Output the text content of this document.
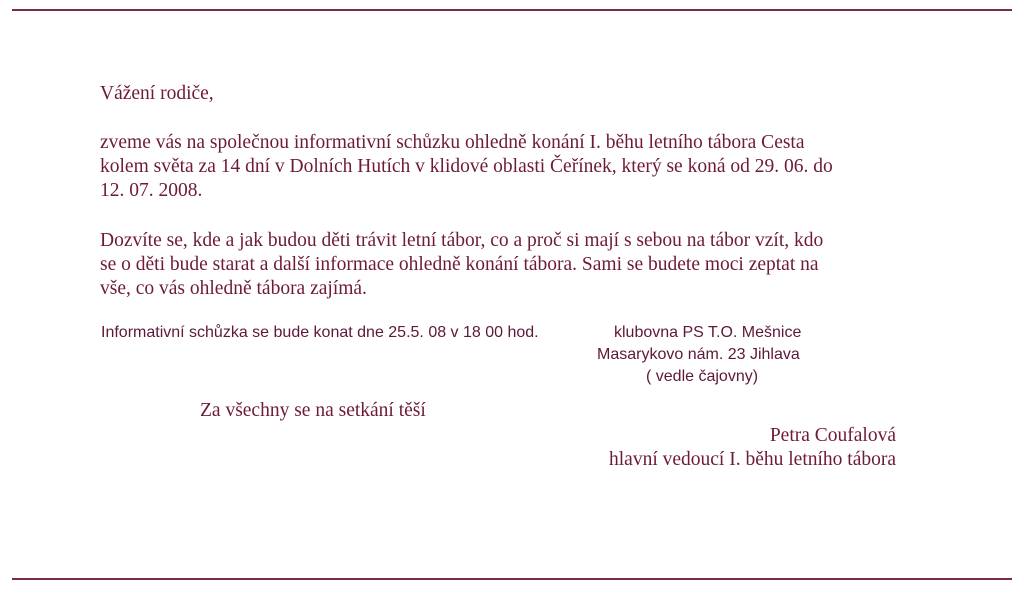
Vážení rodiče,

zveme vás na společnou informativní schůzku ohledně konání I. běhu letního tábora Cesta
kolem světa za 14 dní v Dolních Hutích v klidové oblasti Čeřínek, který se koná od 29. 06. do
12. 07. 2008.
Dozvíte se, kde a jak budou děti trávit letní tábor, co a proč si mají s sebou na tábor vzít, kdo
se o děti bude starat a další informace ohledně konání tábora. Sami se budete moci zeptat na
vše, co vás ohledně tábora zajímá.

Informativní schůzka se bude konat dne 25.5. 08 v 18 00 hod.	klubovna PS T.O. Mešnice
Masarykovo nám. 23 Jihlava
( vedle čajovny)

Za všechny se na setkání těší

Petra Coufalová

hlavní vedoucí I. běhu letního tábora
